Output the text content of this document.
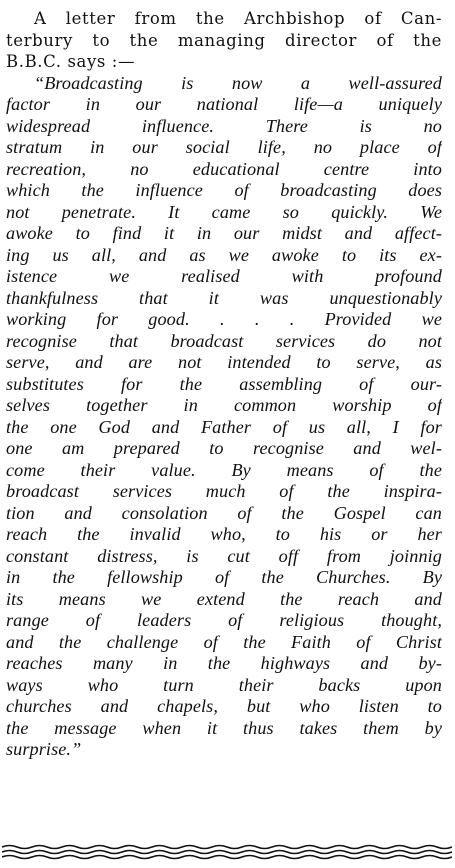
A letter from the Archbishop of Can-
terbury to the managing director of the
B.B.C. says :—
“Broadcasting is now a well-assured
factor in our national life—a uniquely
widespread influence. There is no
stratum in our social life, no place of
recreation, no educational centre into
which the influence of broadcasting does
not penetrate. It came so quickly. We
awoke to find it in our midst and affect-
ing us all, and as we awoke to its ex-
istence we realised with profound
thankfulness that it was unquestionably
working for good. . . . Provided we
recognise that broadcast services do not
serve, and are not intended to serve, as
substitutes for the assembling of our-
selves together in common worship of
the one God and Father of us all, I for
one am prepared to recognise and wel-
come their value. By means of the
broadcast services much of the inspira-
tion and consolation of the Gospel can
reach the invalid who, to his or her
constant distress, is cut off from joinnig
in the fellowship of the Churches. By
its means we extend the reach and
range of leaders of religious thought,
and the challenge of the Faith of Christ
reaches many in the highways and by-
ways who turn their backs upon
churches and chapels, but who listen to
the message when it thus takes them by
surprise.”
